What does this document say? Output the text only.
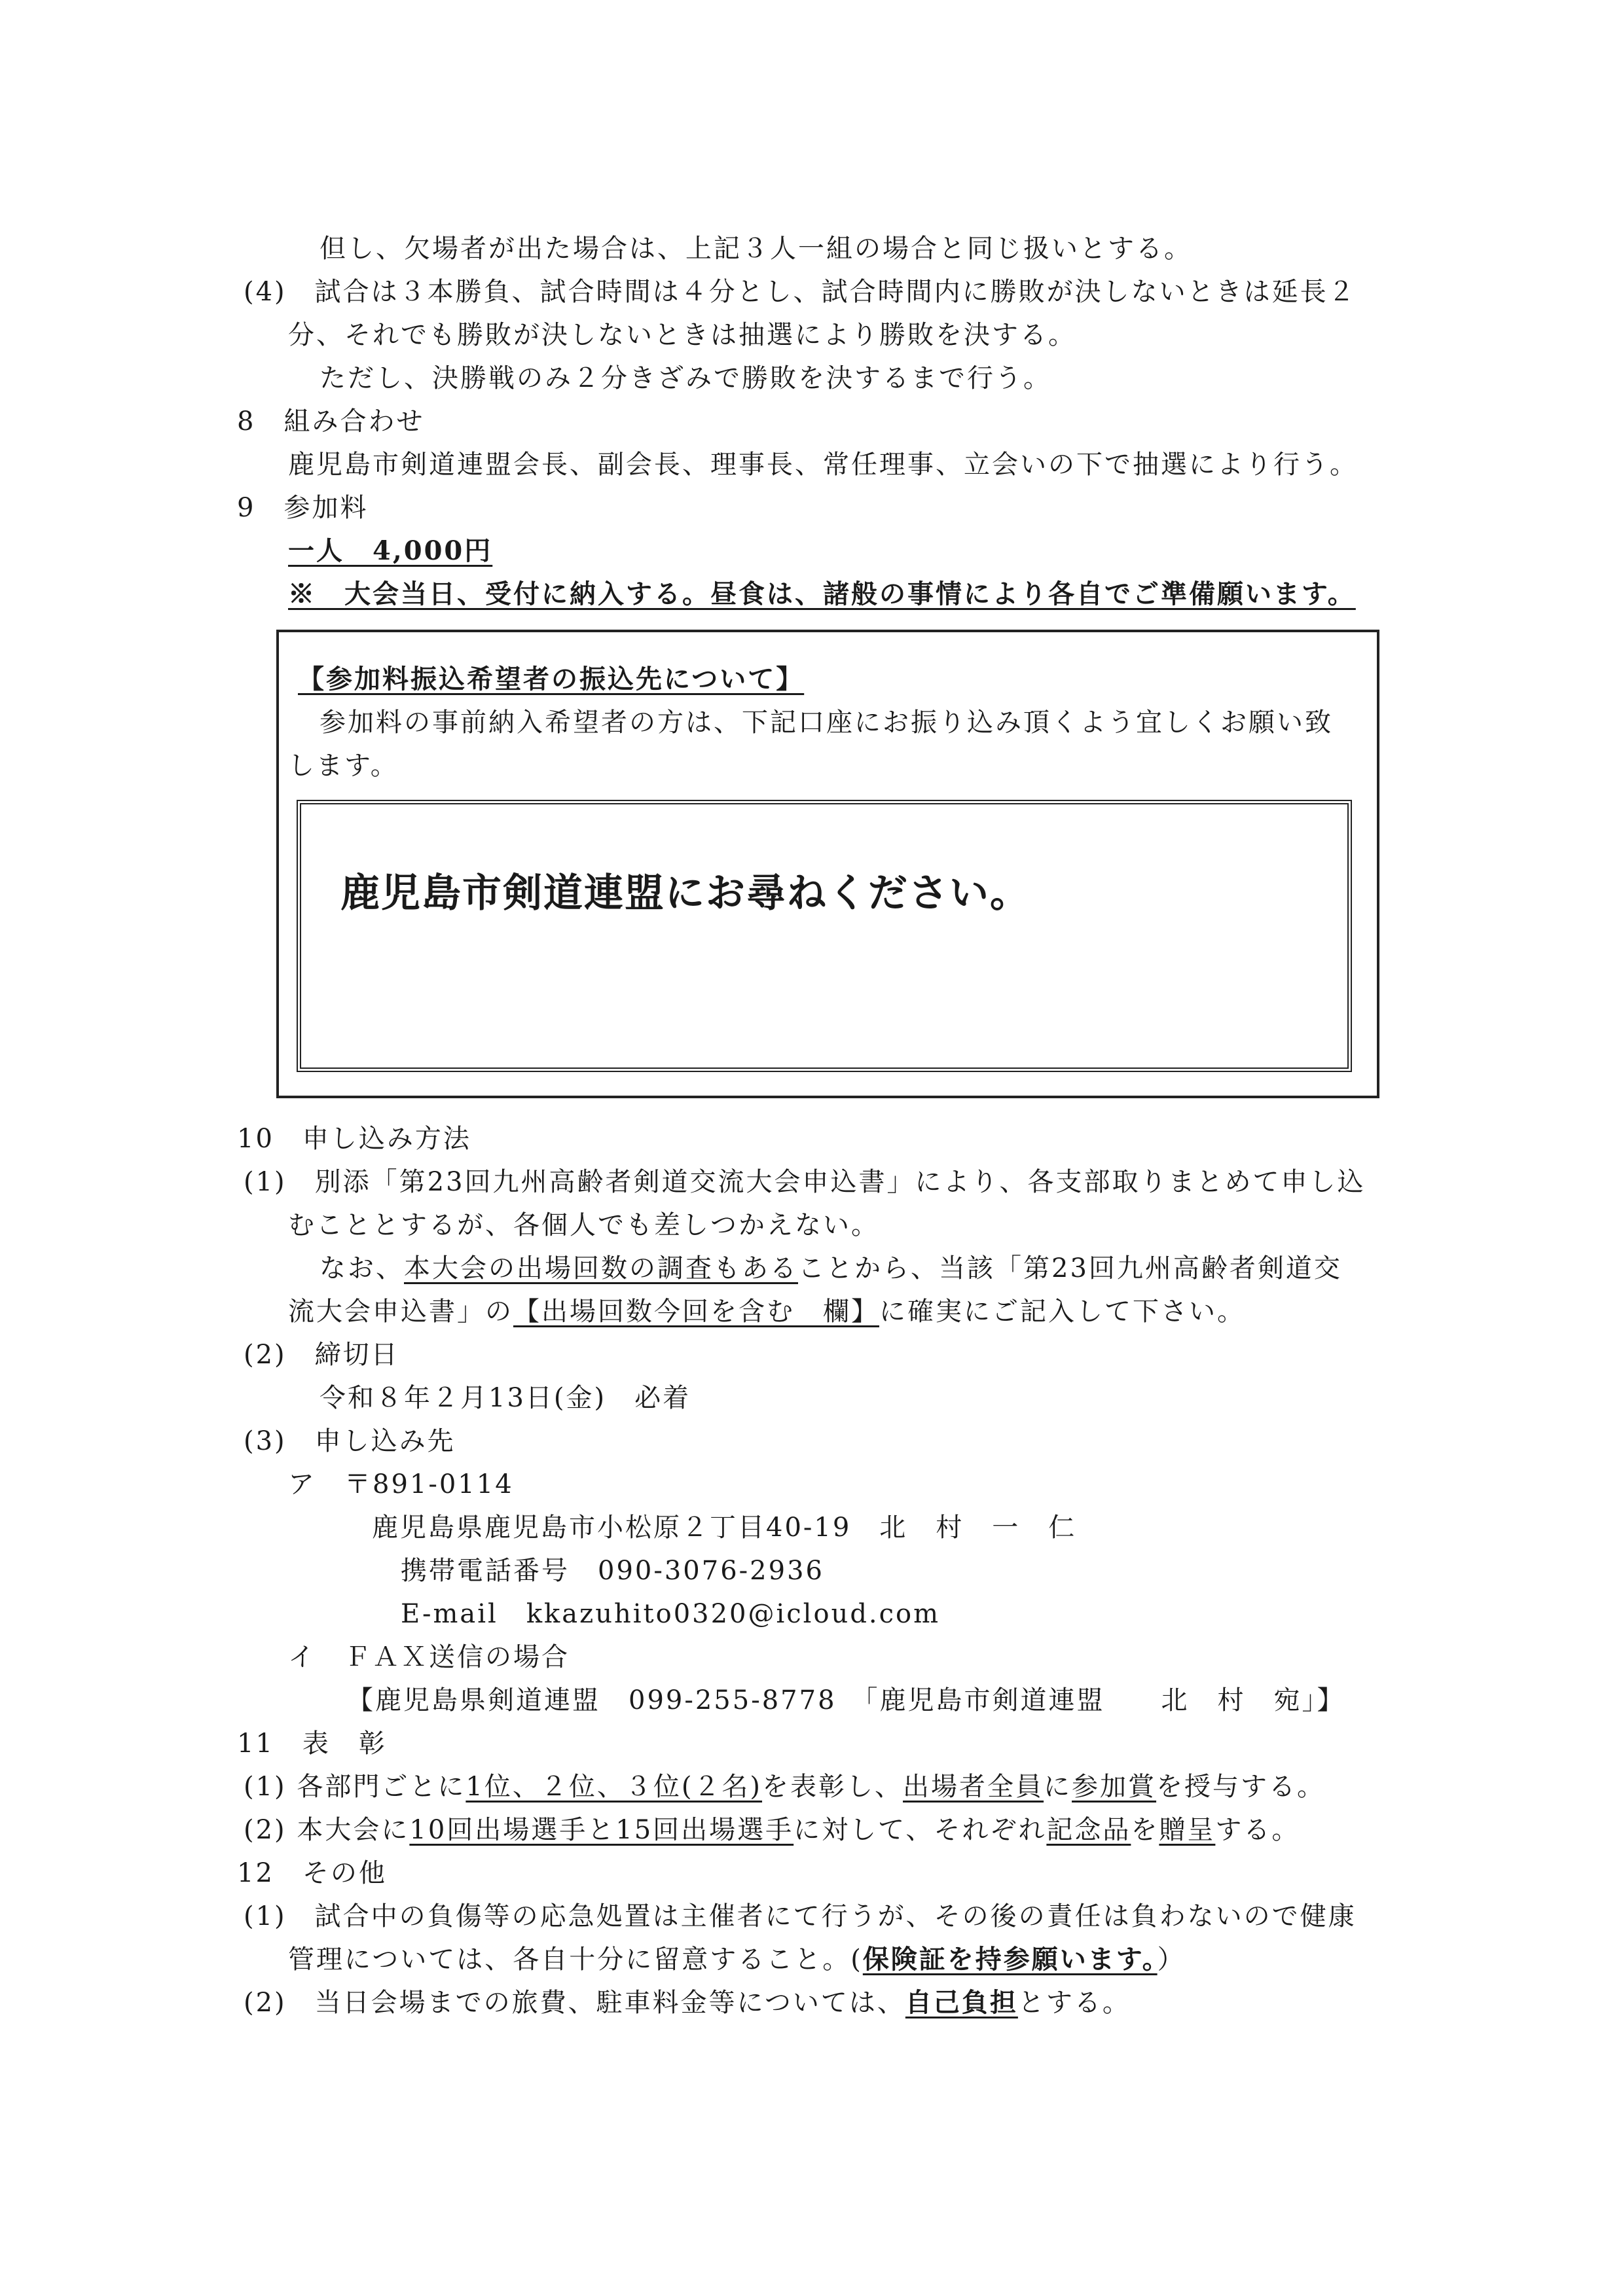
但し、欠場者が出た場合は、上記３人一組の場合と同じ扱いとする。
(4)　試合は３本勝負、試合時間は４分とし、試合時間内に勝敗が決しないときは延長２
分、それでも勝敗が決しないときは抽選により勝敗を決する。
ただし、決勝戦のみ２分きざみで勝敗を決するまで行う。
8　組み合わせ
鹿児島市剣道連盟会長、副会長、理事長、常任理事、立会いの下で抽選により行う。
9　参加料
一人　4,000円
※　大会当日、受付に納入する。昼食は、諸般の事情により各自でご準備願います。
【参加料振込希望者の振込先について】
参加料の事前納入希望者の方は、下記口座にお振り込み頂くよう宜しくお願い致
します。
鹿児島市剣道連盟にお尋ねください。
10　申し込み方法
(1)　別添「第23回九州高齢者剣道交流大会申込書」により、各支部取りまとめて申し込
むこととするが、各個人でも差しつかえない。
なお、本大会の出場回数の調査もあることから、当該「第23回九州高齢者剣道交
流大会申込書」の【出場回数今回を含む　欄】に確実にご記入して下さい。
(2)　締切日
令和８年２月13日(金)　必着
(3)　申し込み先
ア　〒891-0114
鹿児島県鹿児島市小松原２丁目40-19　北　村　一　仁
携帯電話番号　090-3076-2936
E-mail　kkazuhito0320@icloud.com
イ　ＦＡＸ送信の場合
【鹿児島県剣道連盟　099-255-8778　「鹿児島市剣道連盟　　北　村　宛」】
11　表　彰
(1) 各部門ごとに1位、２位、３位(２名)を表彰し、出場者全員に参加賞を授与する。
(2) 本大会に10回出場選手と15回出場選手に対して、それぞれ記念品を贈呈する。
12　その他
(1)　試合中の負傷等の応急処置は主催者にて行うが、その後の責任は負わないので健康
管理については、各自十分に留意すること。(保険証を持参願います。）
(2)　当日会場までの旅費、駐車料金等については、自己負担とする。
